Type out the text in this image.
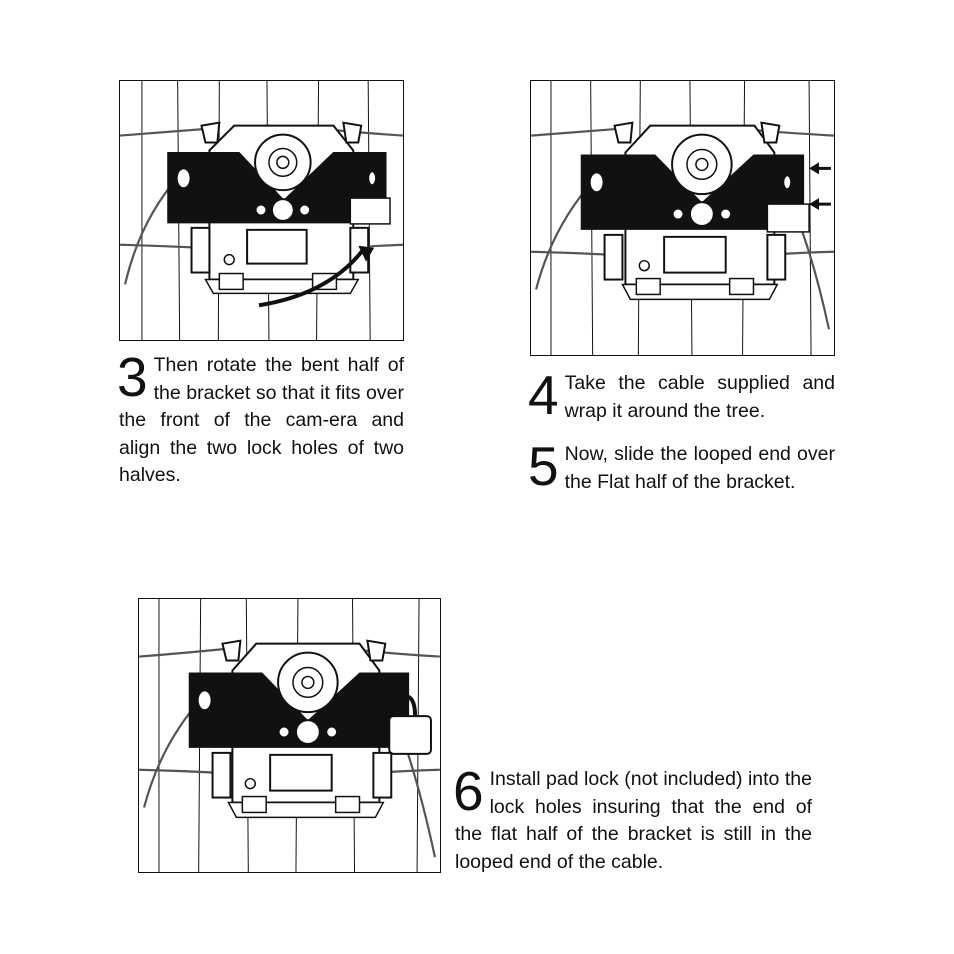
3 Then rotate the bent half of the bracket so that it fits over the front of the cam-era and align the two lock holes of two halves.

4 Take the cable supplied and wrap it around the tree.

5 Now, slide the looped end over the Flat half of the bracket.

6 Install pad lock (not included) into the lock holes insuring that the end of the flat half of the bracket is still in the looped end of the cable.
